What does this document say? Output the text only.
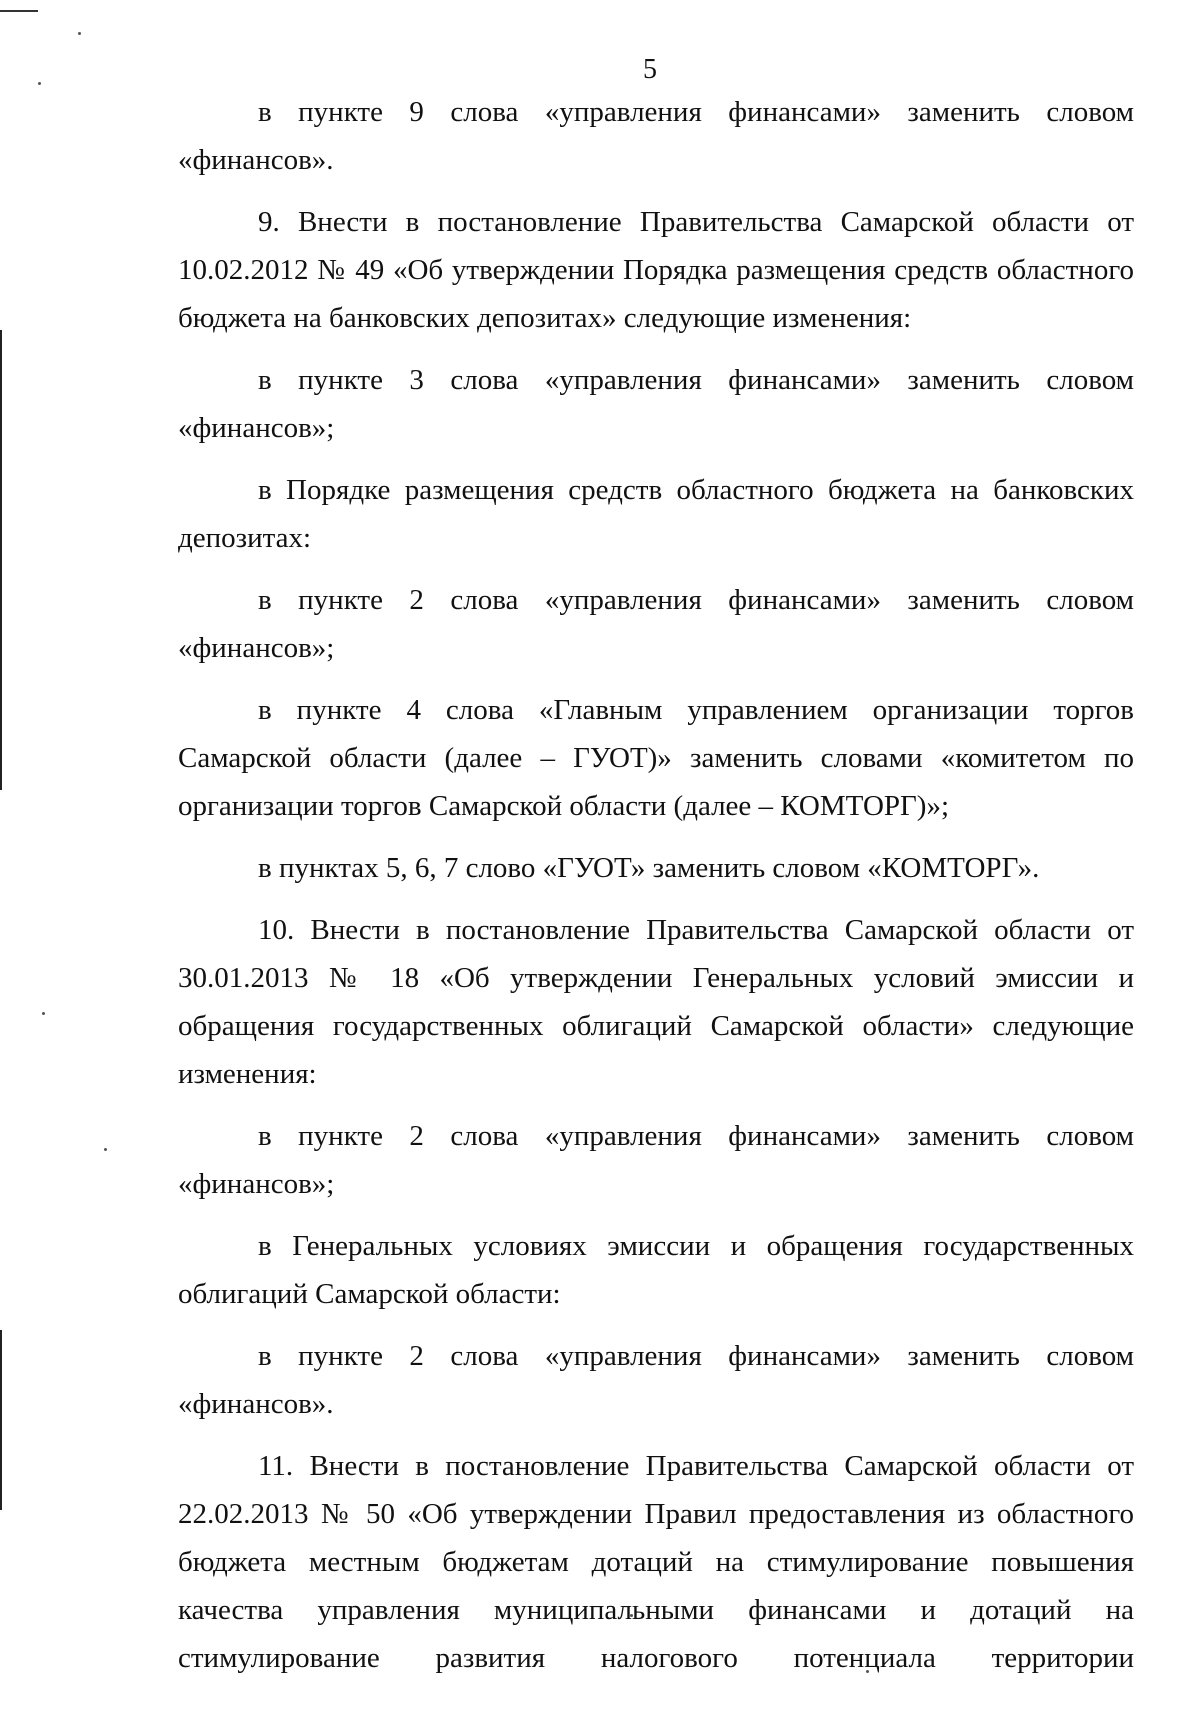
5

в пункте 9 слова «управления финансами» заменить словом «финансов».

9. Внести в постановление Правительства Самарской области от 10.02.2012 № 49 «Об утверждении Порядка размещения средств областного бюджета на банковских депозитах» следующие изменения:

в пункте 3 слова «управления финансами» заменить словом «финансов»;

в Порядке размещения средств областного бюджета на банковских депозитах:

в пункте 2 слова «управления финансами» заменить словом «финансов»;

в пункте 4 слова «Главным управлением организации торгов Самарской области (далее – ГУОТ)» заменить словами «комитетом по организации торгов Самарской области (далее – КОМТОРГ)»;

в пунктах 5, 6, 7 слово «ГУОТ» заменить словом «КОМТОРГ».

10. Внести в постановление Правительства Самарской области от 30.01.2013 № 18 «Об утверждении Генеральных условий эмиссии и обращения государственных облигаций Самарской области» следующие изменения:

в пункте 2 слова «управления финансами» заменить словом «финансов»;

в Генеральных условиях эмиссии и обращения государственных облигаций Самарской области:

в пункте 2 слова «управления финансами» заменить словом «финансов».

11. Внести в постановление Правительства Самарской области от 22.02.2013 № 50 «Об утверждении Правил предоставления из областного бюджета местным бюджетам дотаций на стимулирование повышения качества управления муниципальными финансами и дотаций на стимулирование развития налогового потенциала территории
